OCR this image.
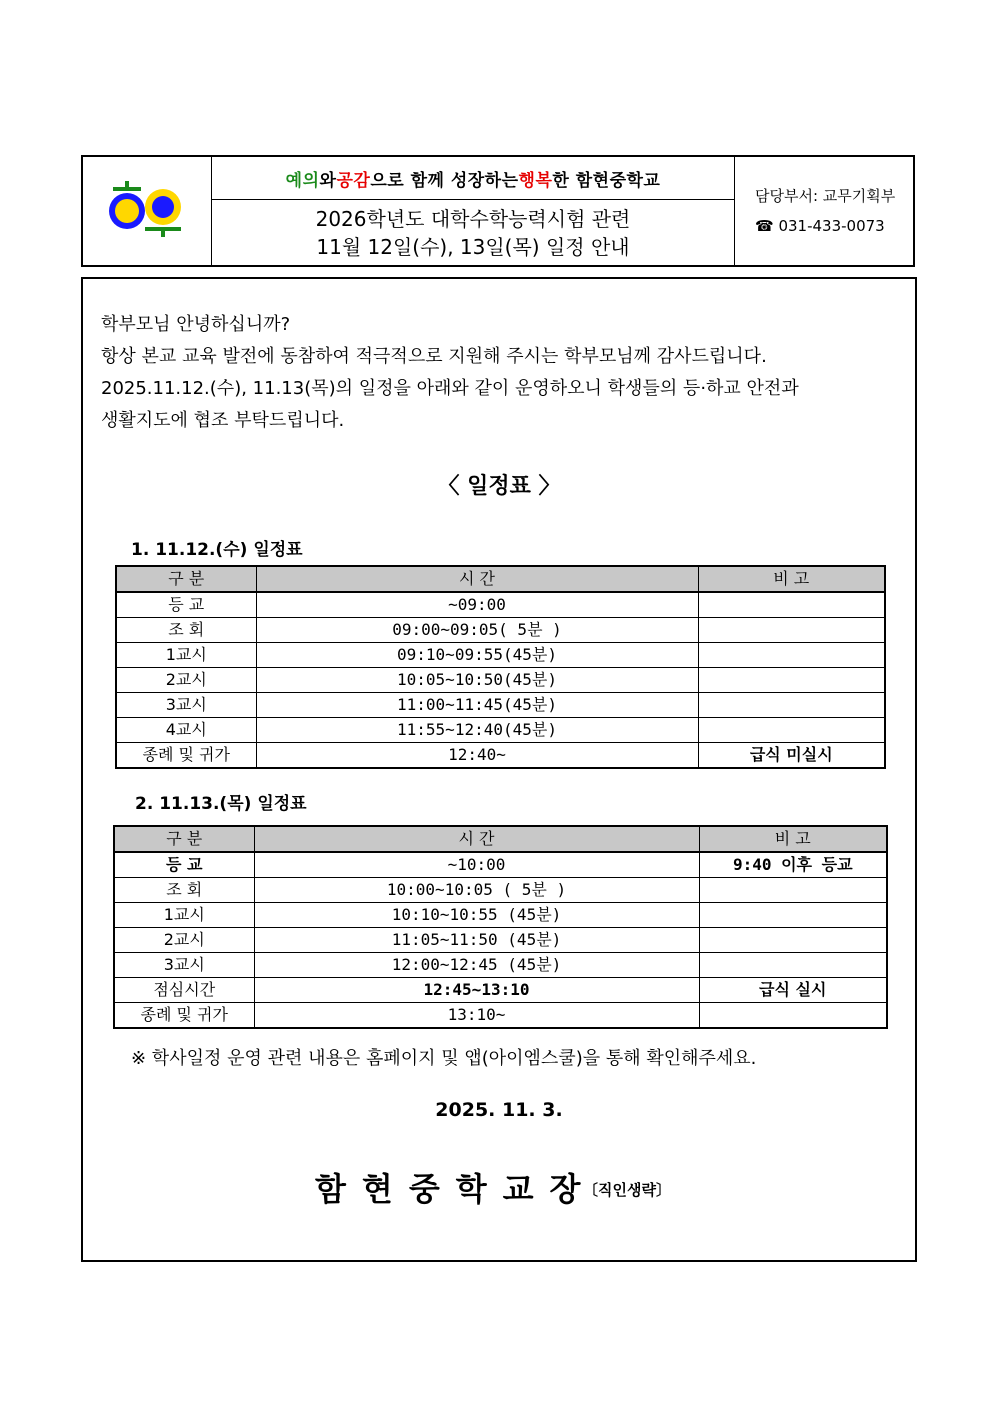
예의 와 공감 으로 함께 성장하는 행복 한 함현중학교
2026학년도 대학수학능력시험 관련
11월 12일(수), 13일(목) 일정 안내
담당부서: 교무기획부
☎ 031-433-0073

학부모님 안녕하십니까?

항상 본교 교육 발전에 동참하여 적극적으로 지원해 주시는 학부모님께 감사드립니다.

2025.11.12.(수), 11.13(목)의 일정을 아래와 같이 운영하오니 학생들의 등·하교 안전과

생활지도에 협조 부탁드립니다.

〈 일정표 〉
1. 11.12.(수) 일정표
구 분	시 간	비 고
등 교	~09:00	
조 회	09:00~09:05( 5분 )	
1교시	09:10~09:55(45분)	
2교시	10:05~10:50(45분)	
3교시	11:00~11:45(45분)	
4교시	11:55~12:40(45분)	
종례 및 귀가	12:40~	급식 미실시
2. 11.13.(목) 일정표
구 분	시 간	비 고
등 교	~10:00	9:40 이후 등교
조 회	10:00~10:05 ( 5분 )	
1교시	10:10~10:55 (45분)	
2교시	11:05~11:50 (45분)	
3교시	12:00~12:45 (45분)	
점심시간	12:45~13:10	급식 실시
종례 및 귀가	13:10~	
※ 학사일정 운영 관련 내용은 홈페이지 및 앱(아이엠스쿨)을 통해 확인해주세요.
2025. 11. 3.
함현중학교장
〔직인생략〕
